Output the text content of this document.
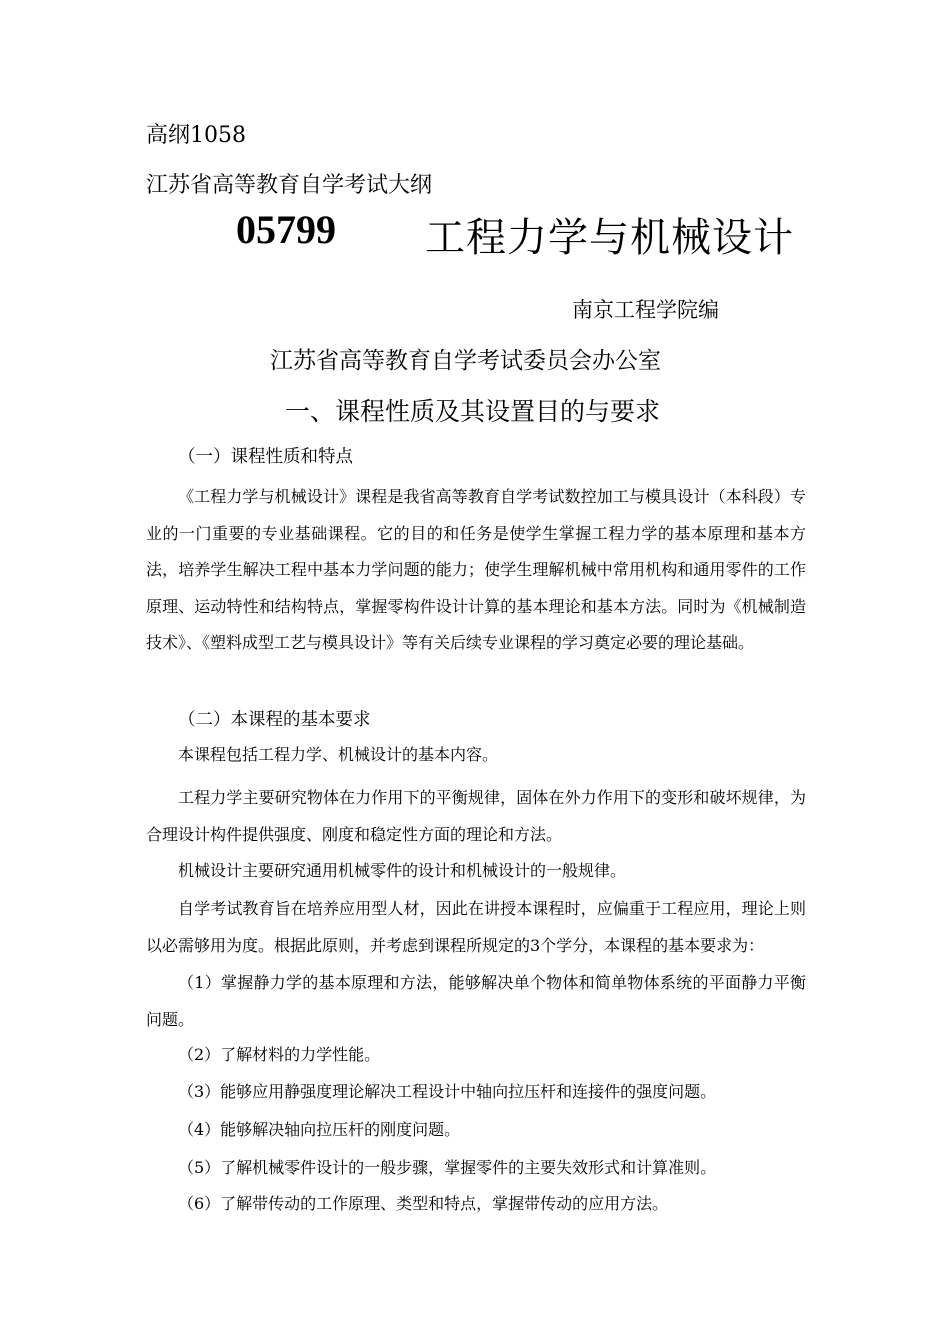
高纲1058
江苏省高等教育自学考试大纲
05799 工程力学与机械设计
南京工程学院编
江苏省高等教育自学考试委员会办公室
一、课程性质及其设置目的与要求
（一）课程性质和特点

《工程力学与机械设计》课程是我省高等教育自学考试数控加工与模具设计（本科段）专业的一门重要的专业基础课程。它的目的和任务是使学生掌握工程力学的基本原理和基本方法，培养学生解决工程中基本力学问题的能力；使学生理解机械中常用机构和通用零件的工作原理、运动特性和结构特点，掌握零构件设计计算的基本理论和基本方法。同时为《机械制造技术》、《塑料成型工艺与模具设计》等有关后续专业课程的学习奠定必要的理论基础。

（二）本课程的基本要求

本课程包括工程力学、机械设计的基本内容。

工程力学主要研究物体在力作用下的平衡规律，固体在外力作用下的变形和破坏规律，为合理设计构件提供强度、刚度和稳定性方面的理论和方法。

机械设计主要研究通用机械零件的设计和机械设计的一般规律。

自学考试教育旨在培养应用型人材，因此在讲授本课程时，应偏重于工程应用，理论上则以必需够用为度。根据此原则，并考虑到课程所规定的3个学分，本课程的基本要求为：

（1）掌握静力学的基本原理和方法，能够解决单个物体和简单物体系统的平面静力平衡问题。

（2）了解材料的力学性能。

（3）能够应用静强度理论解决工程设计中轴向拉压杆和连接件的强度问题。

（4）能够解决轴向拉压杆的刚度问题。

（5）了解机械零件设计的一般步骤，掌握零件的主要失效形式和计算准则。

（6）了解带传动的工作原理、类型和特点，掌握带传动的应用方法。
